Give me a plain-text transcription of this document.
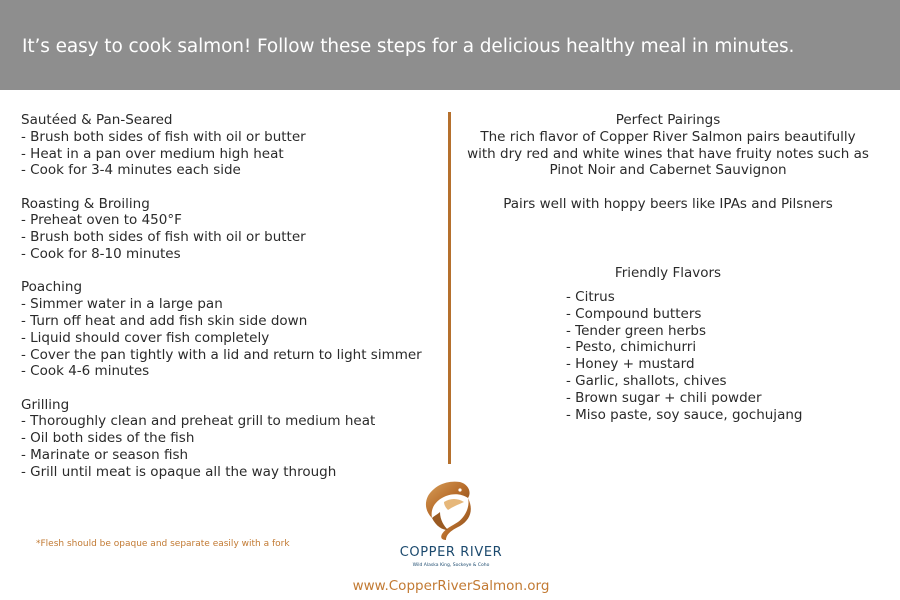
It’s easy to cook salmon! Follow these steps for a delicious healthy meal in minutes.
Sautéed & Pan-Seared
- Brush both sides of fish with oil or butter
- Heat in a pan over medium high heat
- Cook for 3-4 minutes each side
Roasting & Broiling
- Preheat oven to 450°F
- Brush both sides of fish with oil or butter
- Cook for 8-10 minutes
Poaching
- Simmer water in a large pan
- Turn off heat and add fish skin side down
- Liquid should cover fish completely
- Cover the pan tightly with a lid and return to light simmer
- Cook 4-6 minutes
Grilling
- Thoroughly clean and preheat grill to medium heat
- Oil both sides of the fish
- Marinate or season fish
- Grill until meat is opaque all the way through
Perfect Pairings
The rich flavor of Copper River Salmon pairs beautifully
with dry red and white wines that have fruity notes such as
Pinot Noir and Cabernet Sauvignon
Pairs well with hoppy beers like IPAs and Pilsners
Friendly Flavors
- Citrus
- Compound butters
- Tender green herbs
- Pesto, chimichurri
- Honey + mustard
- Garlic, shallots, chives
- Brown sugar + chili powder
- Miso paste, soy sauce, gochujang
*Flesh should be opaque and separate easily with a fork
COPPER RIVER
Wild Alaska King, Sockeye & Coho
www.CopperRiverSalmon.org
